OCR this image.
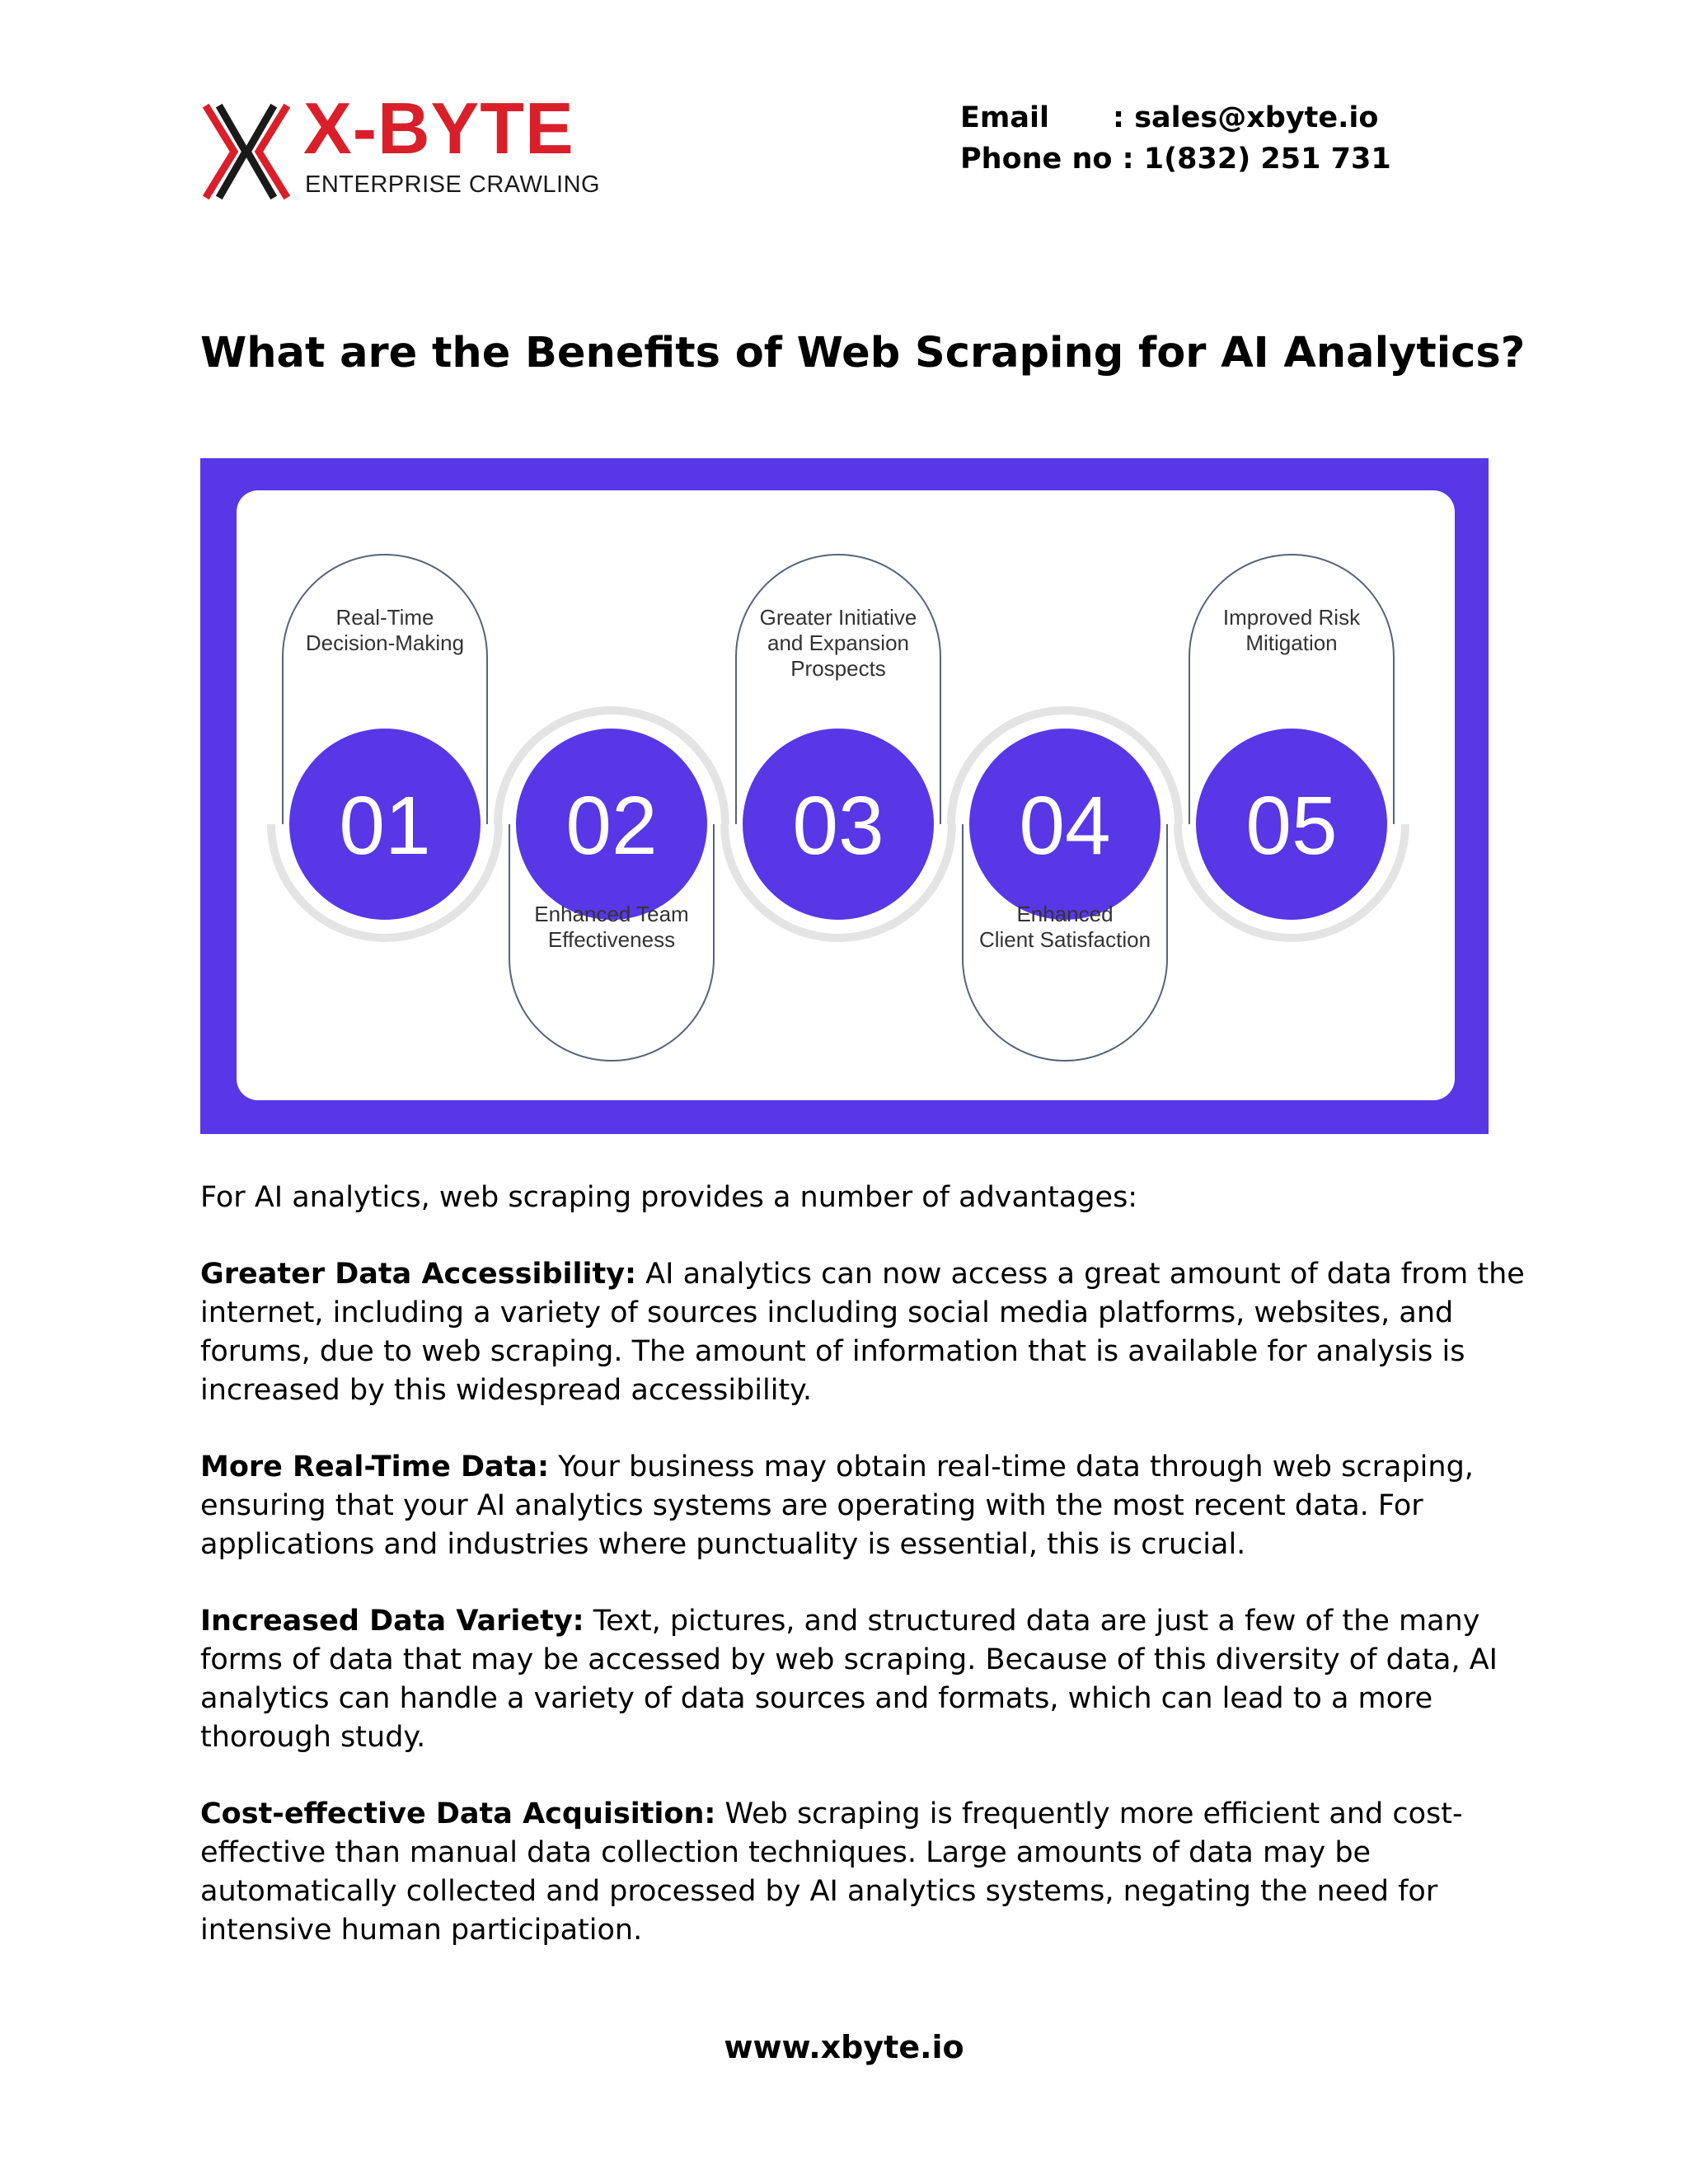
X-BYTE
ENTERPRISE CRAWLING
Email : sales@xbyte.io
Phone no : 1(832) 251 731
What are the Benefits of Web Scraping for AI Analytics?
01
Real-Time
Decision-Making
02
Enhanced Team
Effectiveness
03
Greater Initiative
and Expansion
Prospects
04
Enhanced
Client Satisfaction
05
Improved Risk
Mitigation

For AI analytics, web scraping provides a number of advantages:

Greater Data Accessibility: AI analytics can now access a great amount of data from the internet, including a variety of sources including social media platforms, websites, and forums, due to web scraping. The amount of information that is available for analysis is increased by this widespread accessibility.

More Real-Time Data: Your business may obtain real-time data through web scraping, ensuring that your AI analytics systems are operating with the most recent data. For applications and industries where punctuality is essential, this is crucial.

Increased Data Variety: Text, pictures, and structured data are just a few of the many forms of data that may be accessed by web scraping. Because of this diversity of data, AI analytics can handle a variety of data sources and formats, which can lead to a more thorough study.

Cost-effective Data Acquisition: Web scraping is frequently more efficient and cost-effective than manual data collection techniques. Large amounts of data may be automatically collected and processed by AI analytics systems, negating the need for intensive human participation.

www.xbyte.io
